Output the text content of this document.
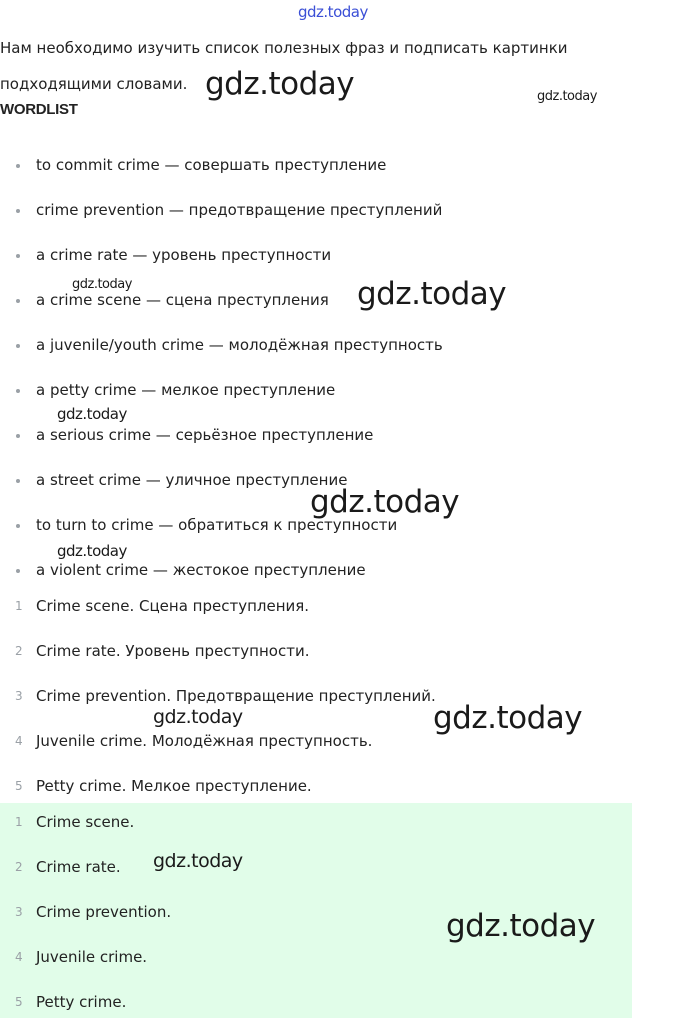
gdz.today
Нам необходимо изучить список полезных фраз и подписать картинки подходящими словами.
WORDLIST
to commit crime — совершать преступление
crime prevention — предотвращение преступлений
a crime rate — уровень преступности
a crime scene — сцена преступления
a juvenile/youth crime — молодёжная преступность
a petty crime — мелкое преступление
a serious crime — серьёзное преступление
a street crime — уличное преступление
to turn to crime — обратиться к преступности
a violent crime — жестокое преступление
1 Crime scene. Сцена преступления.
2 Crime rate. Уровень преступности.
3 Crime prevention. Предотвращение преступлений.
4 Juvenile crime. Молодёжная преступность.
5 Petty crime. Мелкое преступление.
1 Crime scene.
2 Crime rate.
3 Crime prevention.
4 Juvenile crime.
5 Petty crime.
gdz.today	gdz.today
gdz.today	gdz.today
gdz.today
gdz.today
gdz.today
gdz.today	gdz.today
gdz.today
gdz.today
